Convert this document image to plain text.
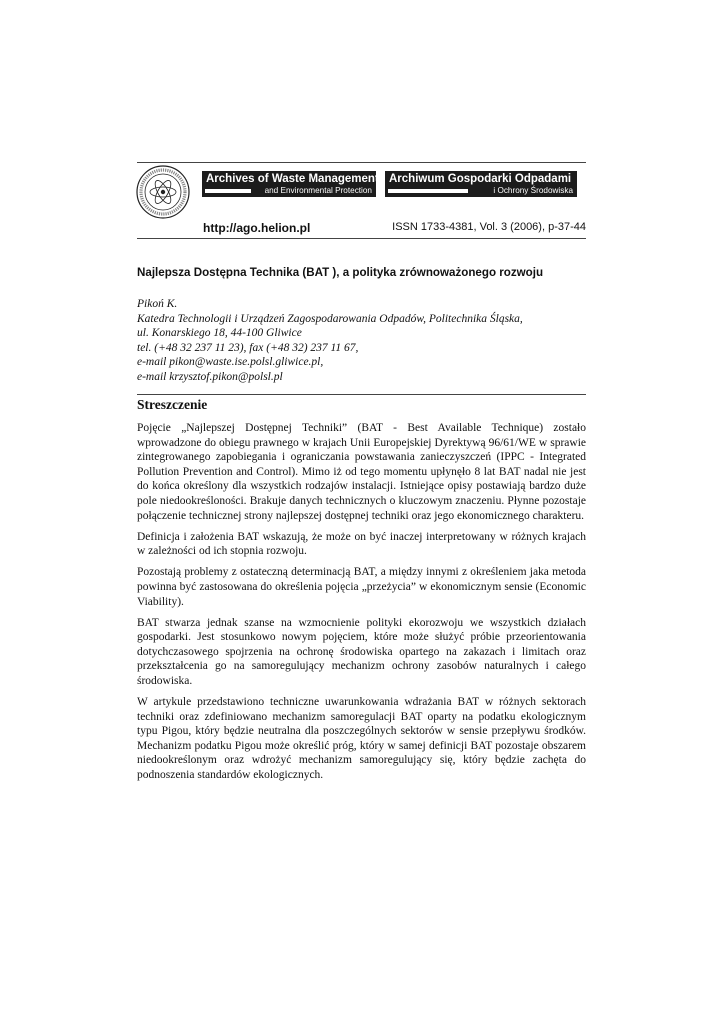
Archives of Waste Management
and Environmental Protection
Archiwum Gospodarki Odpadami
i Ochrony Środowiska
http://ago.helion.pl	ISSN 1733-4381, Vol. 3 (2006), p-37-44
Najlepsza Dostępna Technika (BAT ), a polityka zrównoważonego rozwoju
Pikoń K.
Katedra Technologii i Urządzeń Zagospodarowania Odpadów, Politechnika Śląska,
ul. Konarskiego 18, 44-100 Gliwice
tel. (+48 32 237 11 23), fax (+48 32) 237 11 67,
e-mail pikon@waste.ise.polsl.gliwice.pl,
e-mail krzysztof.pikon@polsl.pl
Streszczenie

Pojęcie „Najlepszej Dostępnej Techniki” (BAT - Best Available Technique) zostało wprowadzone do obiegu prawnego w krajach Unii Europejskiej Dyrektywą 96/61/WE w sprawie zintegrowanego zapobiegania i ograniczania powstawania zanieczyszczeń (IPPC - Integrated Pollution Prevention and Control). Mimo iż od tego momentu upłynęło 8 lat BAT nadal nie jest do końca określony dla wszystkich rodzajów instalacji. Istniejące opisy postawiają bardzo duże pole niedookreśloności. Brakuje danych technicznych o kluczowym znaczeniu. Płynne pozostaje połączenie technicznej strony najlepszej dostępnej techniki oraz jego ekonomicznego charakteru.

Definicja i założenia BAT wskazują, że może on być inaczej interpretowany w różnych krajach w zależności od ich stopnia rozwoju.

Pozostają problemy z ostateczną determinacją BAT, a między innymi z określeniem jaka metoda powinna być zastosowana do określenia pojęcia „przeżycia” w ekonomicznym sensie (Economic Viability).

BAT stwarza jednak szanse na wzmocnienie polityki ekorozwoju we wszystkich działach gospodarki. Jest stosunkowo nowym pojęciem, które może służyć próbie przeorientowania dotychczasowego spojrzenia na ochronę środowiska opartego na zakazach i limitach oraz przekształcenia go na samoregulujący mechanizm ochrony zasobów naturalnych i całego środowiska.

W artykule przedstawiono techniczne uwarunkowania wdrażania BAT w różnych sektorach techniki oraz zdefiniowano mechanizm samoregulacji BAT oparty na podatku ekologicznym typu Pigou, który będzie neutralna dla poszczególnych sektorów w sensie przepływu środków. Mechanizm podatku Pigou może określić próg, który w samej definicji BAT pozostaje obszarem niedookreślonym oraz wdrożyć mechanizm samoregulujący się, który będzie zachęta do podnoszenia standardów ekologicznych.
